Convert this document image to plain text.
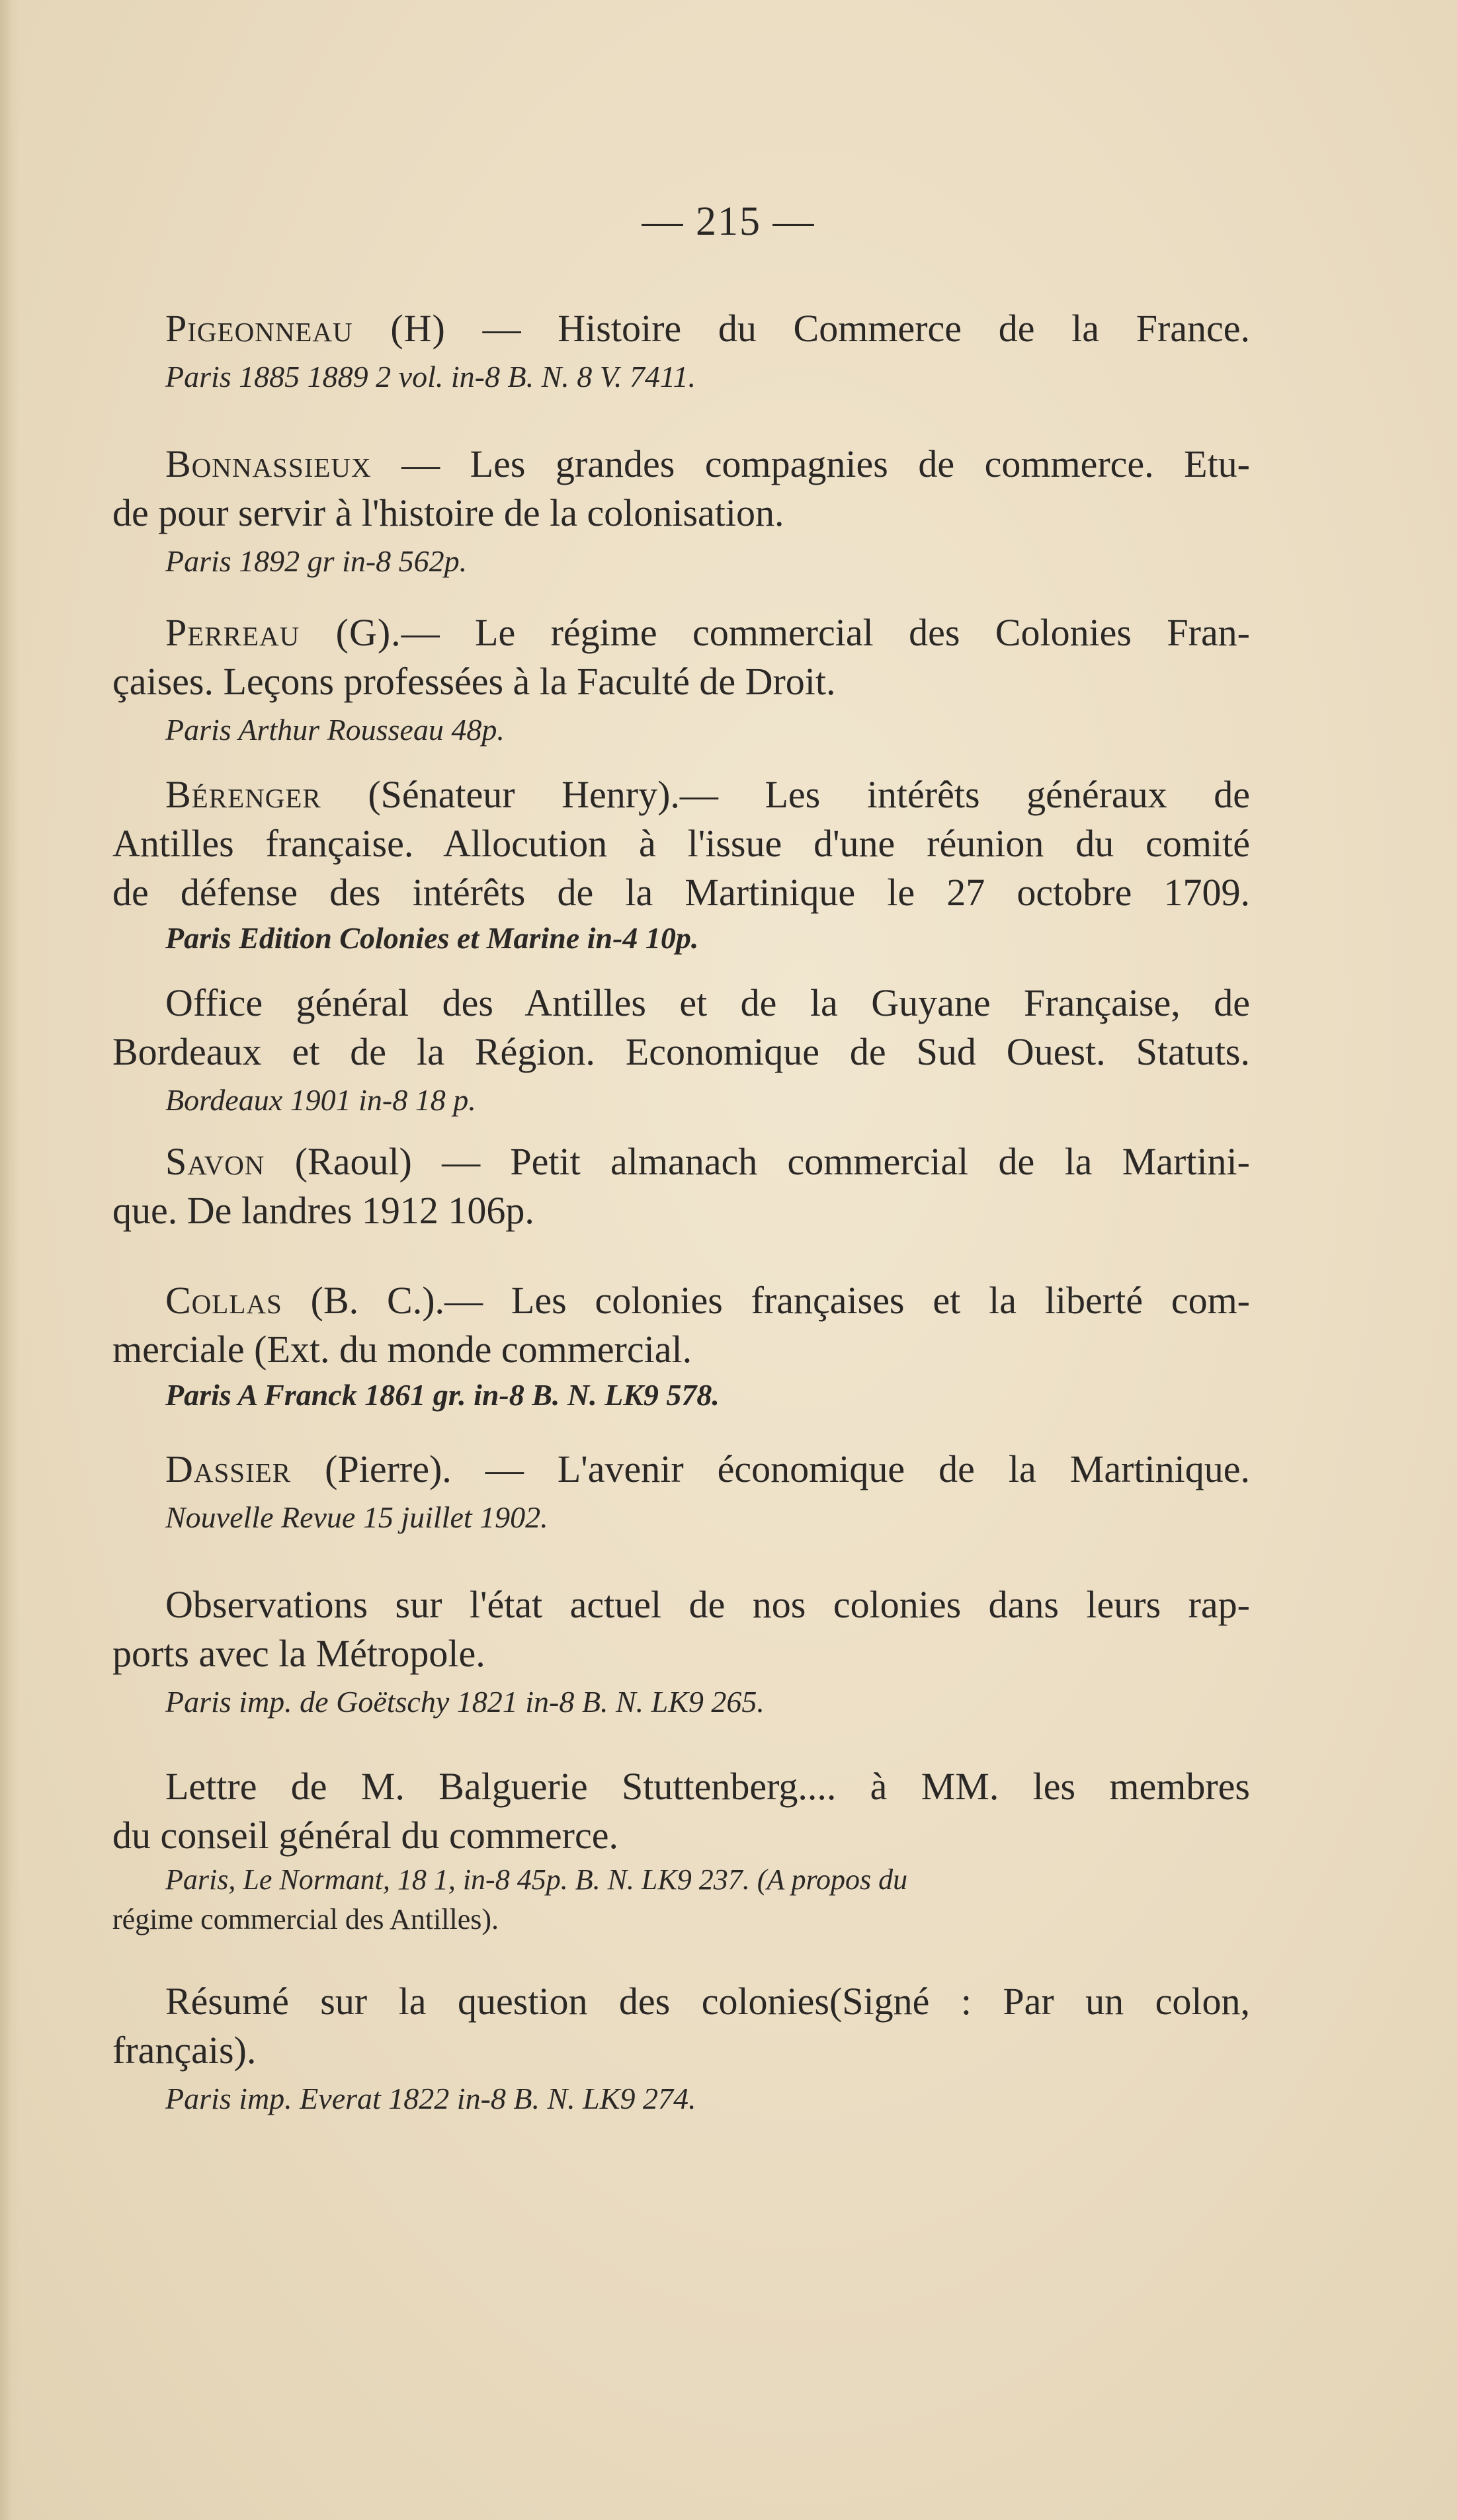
— 215 —
Pigeonneau (H) — Histoire du Commerce de la France.
Paris 1885 1889 2 vol. in-8 B. N. 8 V. 7411.
Bonnassieux — Les grandes compagnies de commerce. Etu-
de pour servir à l'histoire de la colonisation.
Paris 1892 gr in-8 562p.
Perreau (G).— Le régime commercial des Colonies Fran-
çaises. Leçons professées à la Faculté de Droit.
Paris Arthur Rousseau 48p.
Bérenger (Sénateur Henry).— Les intérêts généraux de
Antilles française. Allocution à l'issue d'une réunion du comité
de défense des intérêts de la Martinique le 27 octobre 1709.
Paris Edition Colonies et Marine in-4 10p.
Office général des Antilles et de la Guyane Française, de
Bordeaux et de la Région. Economique de Sud Ouest. Statuts.
Bordeaux 1901 in-8 18 p.
Savon (Raoul) — Petit almanach commercial de la Martini-
que. De landres 1912 106p.
Collas (B. C.).— Les colonies françaises et la liberté com-
merciale (Ext. du monde commercial.
Paris A Franck 1861 gr. in-8 B. N. LK9 578.
Dassier (Pierre). — L'avenir économique de la Martinique.
Nouvelle Revue 15 juillet 1902.
Observations sur l'état actuel de nos colonies dans leurs rap-
ports avec la Métropole.
Paris imp. de Goëtschy 1821 in-8 B. N. LK9 265.
Lettre de M. Balguerie Stuttenberg.... à MM. les membres
du conseil général du commerce.
Paris, Le Normant, 18 1, in-8 45p. B. N. LK9 237. (A propos du
régime commercial des Antilles).
Résumé sur la question des colonies(Signé : Par un colon,
français).
Paris imp. Everat 1822 in-8 B. N. LK9 274.
